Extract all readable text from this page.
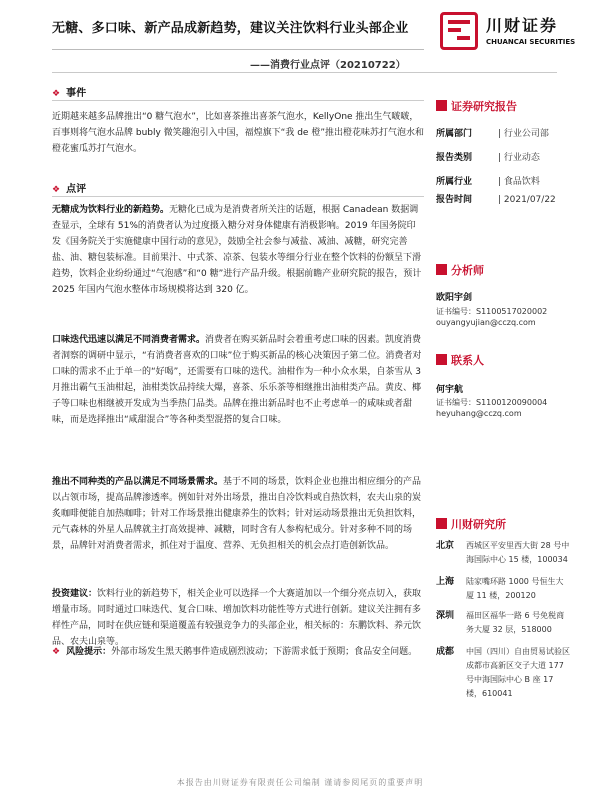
无糖、多口味、新产品成新趋势，建议关注饮料行业头部企业
——消费行业点评（20210722）
川财证券
CHUANCAI SECURITIES
❖ 事件
近期越来越多品牌推出“0 糖气泡水”，比如喜茶推出喜茶气泡水，KellyOne 推出生气啵啵，百事则将气泡水品牌 bubly 微笑趣泡引入中国，福煌旗下“我 de 橙”推出橙花味苏打气泡水和橙花蜜瓜苏打气泡水。
❖ 点评
无糖成为饮料行业的新趋势。无糖化已成为是消费者所关注的话题，根据 Canadean 数据调查显示，全球有 51%的消费者认为过度摄入糖分对身体健康有消极影响。2019 年国务院印发《国务院关于实施健康中国行动的意见》，鼓励全社会参与减盐、减油、减糖，研究完善盐、油、糖包装标准。目前果汁、中式茶、凉茶、包装水等细分行业在整个饮料的份额呈下滑趋势，饮料企业纷纷通过“气泡感”和“0 糖”进行产品升级。根据前瞻产业研究院的报告，预计 2025 年国内气泡水整体市场规模将达到 320 亿。
口味迭代迅速以满足不同消费者需求。消费者在购买新品时会着重考虑口味的因素。凯度消费者洞察的调研中显示，“有消费者喜欢的口味”位于购买新品的核心决策因子第二位。消费者对口味的需求不止于单一的“好喝”，还需要有口味的迭代。油柑作为一种小众水果，自茶雪从 3 月推出霸气玉油柑起，油柑类饮品持续大爆，喜茶、乐乐茶等相继推出油柑类产品。黄皮、椰子等口味也相继被开发成为当季热门品类。品牌在推出新品时也不止考虑单一的咸味或者甜味，而是选择推出“咸甜混合”等各种类型混搭的复合口味。
推出不同种类的产品以满足不同场景需求。基于不同的场景，饮料企业也推出相应细分的产品以占领市场，提高品牌渗透率。例如针对外出场景，推出自冷饮料或自热饮料，农夫山泉的炭炙咖啡便能自加热咖啡；针对工作场景推出健康养生的饮料；针对运动场景推出无负担饮料，元气森林的外星人品牌就主打高效提神、减糖，同时含有人参构杞成分。针对多种不同的场景，品牌针对消费者需求，抓住对于温度、营养、无负担相关的机会点打造创新饮品。
投资建议：饮料行业的新趋势下，相关企业可以选择一个大赛道加以一个细分亮点切入，获取增量市场。同时通过口味迭代、复合口味、增加饮料功能性等方式进行创新。建议关注拥有多样性产品，同时在供应链和渠道覆盖有较强竞争力的头部企业，相关标的：东鹏饮料、养元饮品、农夫山泉等。
❖ 风险提示：外部市场发生黑天鹅事件造成剧烈波动；下游需求低于预期；食品安全问题。
证券研究报告
所属部门	| 行业公司部
报告类别	| 行业动态
所属行业	| 食品饮料
报告时间	| 2021/07/22
分析师
欧阳宇剑
证书编号：S1100517020002
ouyangyujian@cczq.com
联系人
何宇航
证书编号：S1100120090004
heyuhang@cczq.com
川财研究所
北京 西城区平安里西大街 28 号中海国际中心 15 楼，100034
上海 陆家嘴环路 1000 号恒生大厦 11 楼，200120
深圳 福田区福华一路 6 号免税商务大厦 32 层，518000
成都 中国（四川）自由贸易试验区成都市高新区交子大道 177 号中海国际中心 B 座 17 楼，610041
本报告由川财证券有限责任公司编制 谨请参阅尾页的重要声明
